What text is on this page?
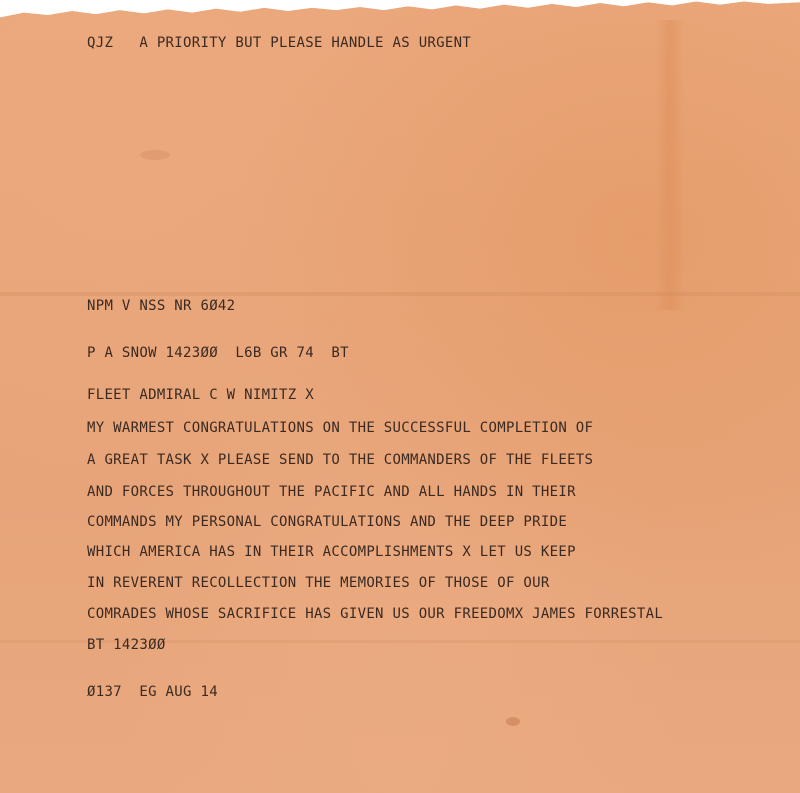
QJZ   A PRIORITY BUT PLEASE HANDLE AS URGENT

NPM V NSS NR 6Ø42

P A SNOW 1423ØØ  L6B GR 74  BT

FLEET ADMIRAL C W NIMITZ X

MY WARMEST CONGRATULATIONS ON THE SUCCESSFUL COMPLETION OF

A GREAT TASK X PLEASE SEND TO THE COMMANDERS OF THE FLEETS

AND FORCES THROUGHOUT THE PACIFIC AND ALL HANDS IN THEIR

COMMANDS MY PERSONAL CONGRATULATIONS AND THE DEEP PRIDE

WHICH AMERICA HAS IN THEIR ACCOMPLISHMENTS X LET US KEEP

IN REVERENT RECOLLECTION THE MEMORIES OF THOSE OF OUR

COMRADES WHOSE SACRIFICE HAS GIVEN US OUR FREEDOMX JAMES FORRESTAL

BT 1423ØØ

Ø137  EG AUG 14
